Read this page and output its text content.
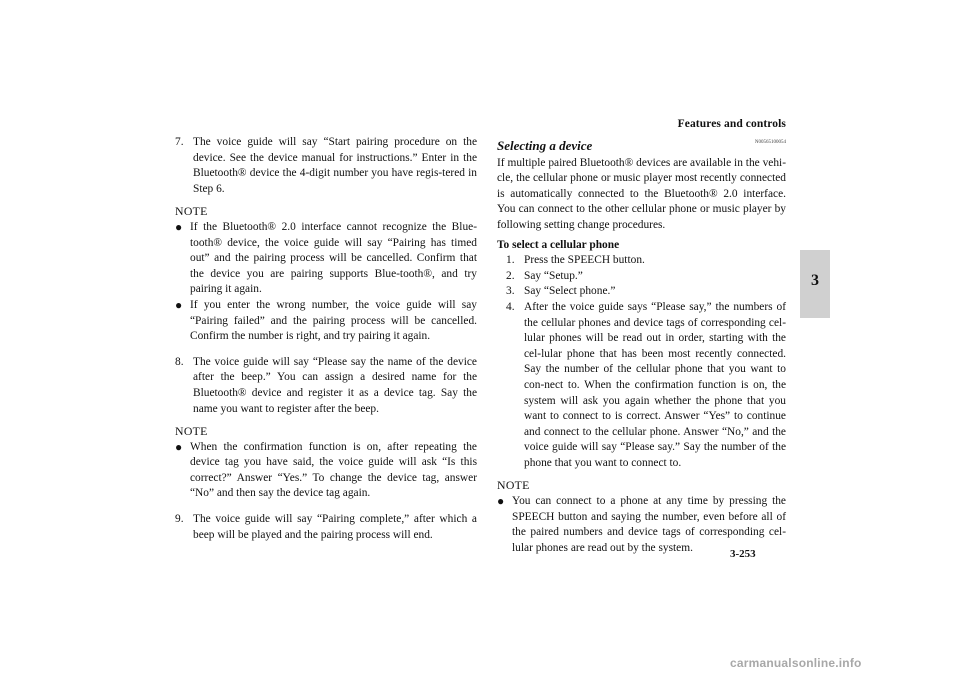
Features and controls
3
7. The voice guide will say “Start pairing procedure on the device. See the device manual for instructions.” Enter in the Bluetooth® device the 4-digit number you have regis-tered in Step 6.
NOTE
● If the Bluetooth® 2.0 interface cannot recognize the Blue-tooth® device, the voice guide will say “Pairing has timed out” and the pairing process will be cancelled. Confirm that the device you are pairing supports Blue-tooth®, and try pairing it again.
● If you enter the wrong number, the voice guide will say “Pairing failed” and the pairing process will be cancelled. Confirm the number is right, and try pairing it again.
8. The voice guide will say “Please say the name of the device after the beep.” You can assign a desired name for the Bluetooth® device and register it as a device tag. Say the name you want to register after the beep.
NOTE
● When the confirmation function is on, after repeating the device tag you have said, the voice guide will ask “Is this correct?” Answer “Yes.” To change the device tag, answer “No” and then say the device tag again.
9. The voice guide will say “Pairing complete,” after which a beep will be played and the pairing process will end.
Selecting a device	N00565100054

If multiple paired Bluetooth® devices are available in the vehi-cle, the cellular phone or music player most recently connected is automatically connected to the Bluetooth® 2.0 interface. You can connect to the other cellular phone or music player by following setting change procedures.

To select a cellular phone
1. Press the SPEECH button.
2. Say “Setup.”
3. Say “Select phone.”
4. After the voice guide says “Please say,” the numbers of the cellular phones and device tags of corresponding cel-lular phones will be read out in order, starting with the cel-lular phone that has been most recently connected. Say the number of the cellular phone that you want to con-nect to. When the confirmation function is on, the system will ask you again whether the phone that you want to connect to is correct. Answer “Yes” to continue and connect to the cellular phone. Answer “No,” and the voice guide will say “Please say.” Say the number of the phone that you want to connect to.
NOTE
● You can connect to a phone at any time by pressing the SPEECH button and saying the number, even before all of the paired numbers and device tags of corresponding cel-lular phones are read out by the system.
3-253
carmanualsonline.info
